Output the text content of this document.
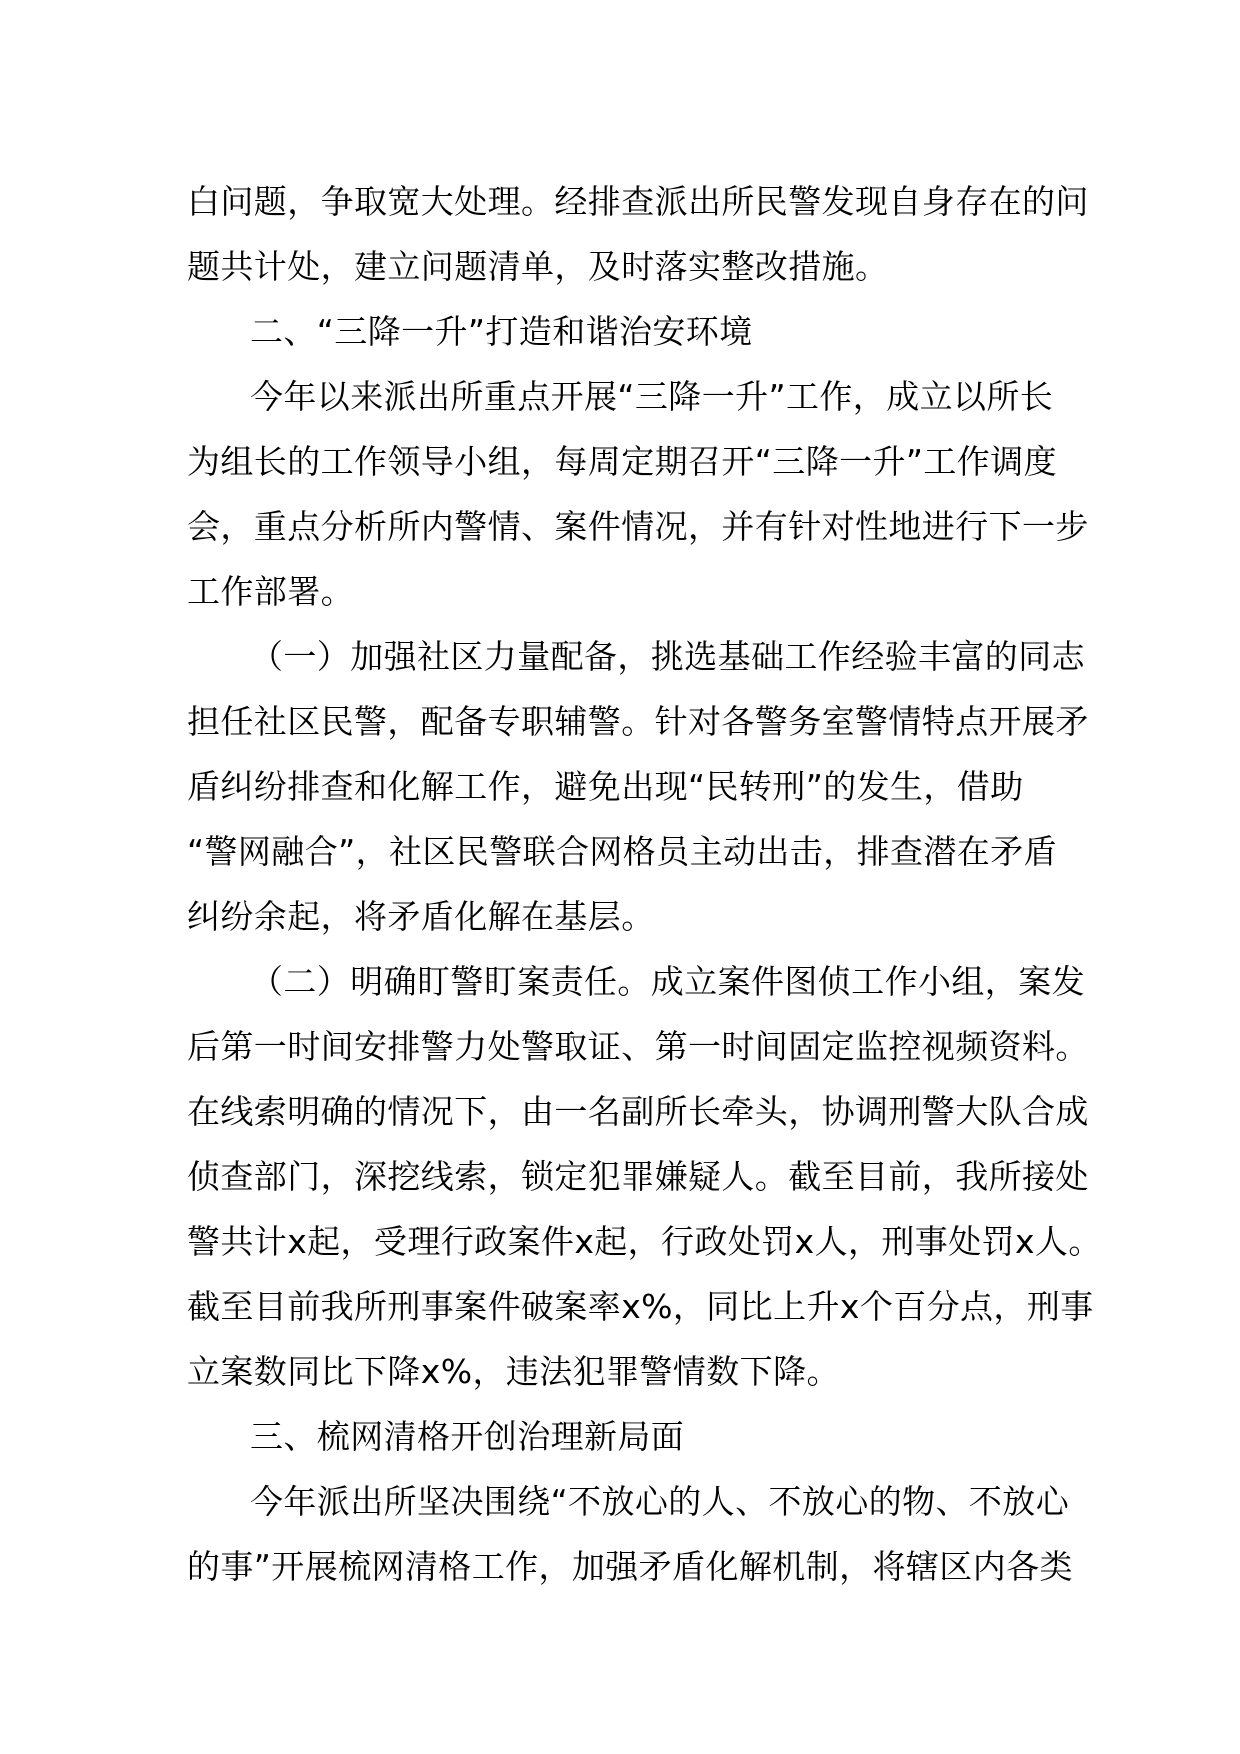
白问题，争取宽大处理。经排查派出所民警发现自身存在的问
题共计处，建立问题清单，及时落实整改措施。
二、“三降一升”打造和谐治安环境
今年以来派出所重点开展“三降一升”工作，成立以所长
为组长的工作领导小组，每周定期召开“三降一升”工作调度
会，重点分析所内警情、案件情况，并有针对性地进行下一步
工作部署。
（一）加强社区力量配备，挑选基础工作经验丰富的同志
担任社区民警，配备专职辅警。针对各警务室警情特点开展矛
盾纠纷排查和化解工作，避免出现“民转刑”的发生，借助
“警网融合”，社区民警联合网格员主动出击，排查潜在矛盾
纠纷余起，将矛盾化解在基层。
（二）明确盯警盯案责任。成立案件图侦工作小组，案发
后第一时间安排警力处警取证、第一时间固定监控视频资料。
在线索明确的情况下，由一名副所长牵头，协调刑警大队合成
侦查部门，深挖线索，锁定犯罪嫌疑人。截至目前，我所接处
警共计x起，受理行政案件x起，行政处罚x人，刑事处罚x人。
截至目前我所刑事案件破案率x%，同比上升x个百分点，刑事
立案数同比下降x%，违法犯罪警情数下降。
三、梳网清格开创治理新局面
今年派出所坚决围绕“不放心的人、不放心的物、不放心
的事”开展梳网清格工作，加强矛盾化解机制，将辖区内各类
